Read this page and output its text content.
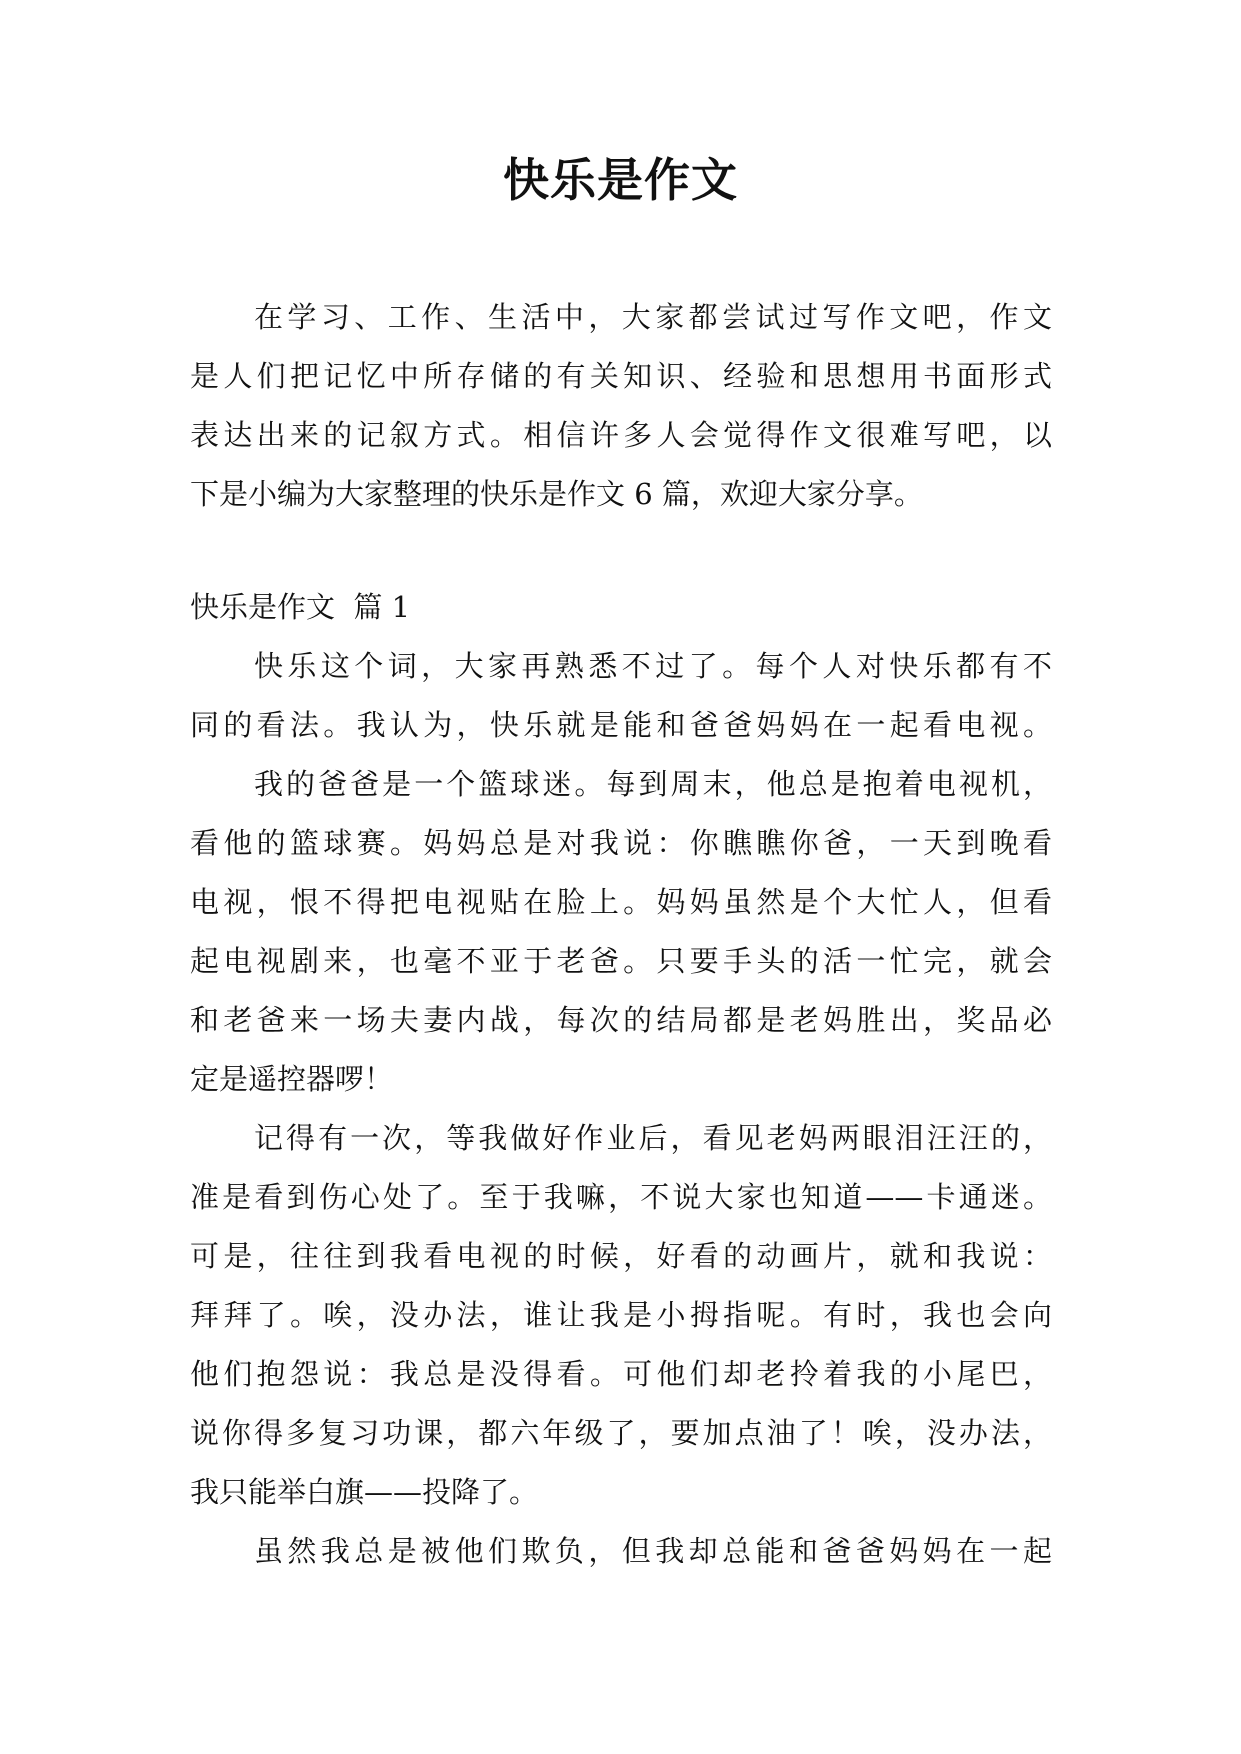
快乐是作文
在学习、工作、生活中，大家都尝试过写作文吧，作文
是人们把记忆中所存储的有关知识、经验和思想用书面形式
表达出来的记叙方式。相信许多人会觉得作文很难写吧，以
下是小编为大家整理的快乐是作文 6 篇，欢迎大家分享。
快乐是作文  篇 1
快乐这个词，大家再熟悉不过了。每个人对快乐都有不
同的看法。我认为，快乐就是能和爸爸妈妈在一起看电视。
我的爸爸是一个篮球迷。每到周末，他总是抱着电视机，
看他的篮球赛。妈妈总是对我说：你瞧瞧你爸，一天到晚看
电视，恨不得把电视贴在脸上。妈妈虽然是个大忙人，但看
起电视剧来，也毫不亚于老爸。只要手头的活一忙完，就会
和老爸来一场夫妻内战，每次的结局都是老妈胜出，奖品必
定是遥控器啰！
记得有一次，等我做好作业后，看见老妈两眼泪汪汪的，
准是看到伤心处了。至于我嘛，不说大家也知道——卡通迷。
可是，往往到我看电视的时候，好看的动画片，就和我说：
拜拜了。唉，没办法，谁让我是小拇指呢。有时，我也会向
他们抱怨说：我总是没得看。可他们却老拎着我的小尾巴，
说你得多复习功课，都六年级了，要加点油了！唉，没办法，
我只能举白旗——投降了。
虽然我总是被他们欺负，但我却总能和爸爸妈妈在一起
